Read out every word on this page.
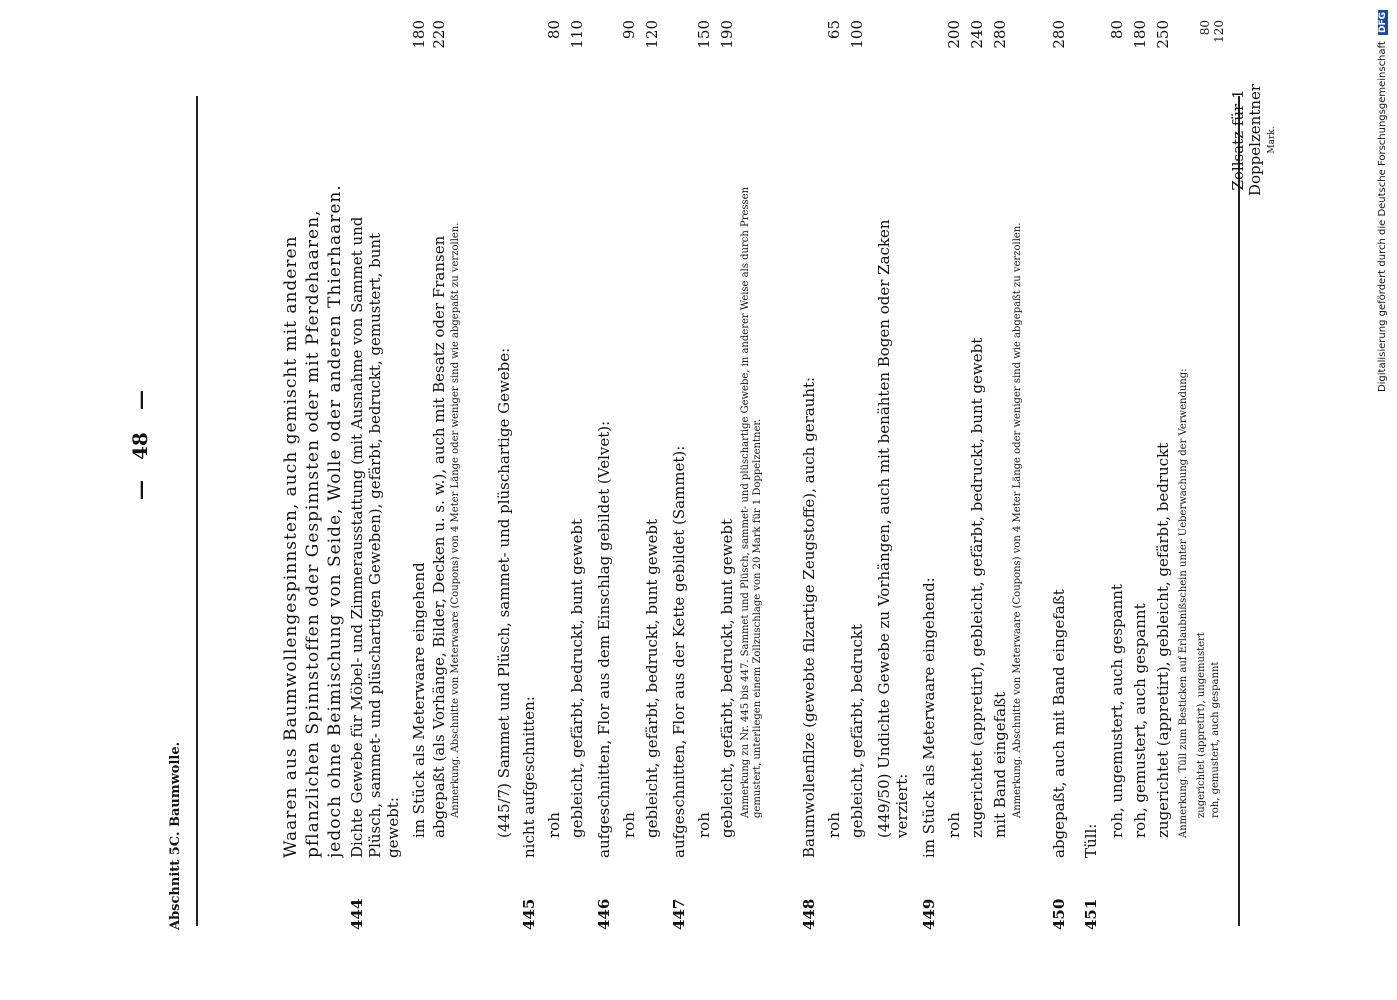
Abschnitt 5C. Baumwolle.
—
48
—
Zollsatz für 1 Doppelzentner Mark.
Waaren aus Baumwollengespinnsten, auch gemischt mit anderen pflanzlichen Spinnstoffen oder Gespinnsten oder mit Pferdehaaren, jedoch ohne Beimischung von Seide, Wolle oder anderen Thierhaaren.
444
Dichte Gewebe für Möbel- und Zimmerausstattung (mit Ausnahme von Sammet und Plüsch, sammet- und plüschartigen Geweben), gefärbt, bedruckt, gemustert, bunt gewebt: im Stück als Meterwaare eingehend
180
abgepaßt (als Vorhänge, Bilder, Decken u. s. w.), auch mit Besatz oder Fransen
220
Anmerkung. Abschnitte von Meterwaare (Coupons) von 4 Meter Länge oder weniger sind wie abgepaßt zu verzollen. (445/7) Sammet und Plüsch, sammet- und plüschartige Gewebe:
445
nicht aufgeschnitten: roh
80
gebleicht, gefärbt, bedruckt, bunt gewebt
110
446
aufgeschnitten, Flor aus dem Einschlag gebildet (Velvet): roh
90
gebleicht, gefärbt, bedruckt, bunt gewebt
120
447
aufgeschnitten, Flor aus der Kette gebildet (Sammet): roh
150
gebleicht, gefärbt, bedruckt, bunt gewebt
190
Anmerkung zu Nr. 445 bis 447. Sammet und Plüsch, sammet- und plüschartige Gewebe, in anderer Weise als durch Pressen gemustert, unterliegen einem Zollzuschlage von 20 Mark für 1 Doppelzentner.
448
Baumwollenfilze (gewebte filzartige Zeugstoffe), auch gerauht: roh
65
gebleicht, gefärbt, bedruckt
100
(449/50) Undichte Gewebe zu Vorhängen, auch mit benähten Bogen oder Zacken verziert:
449
im Stück als Meterwaare eingehend: roh
200
zugerichtet (appretirt), gebleicht, gefärbt, bedruckt, bunt gewebt
240
mit Band eingefaßt
280
Anmerkung. Abschnitte von Meterwaare (Coupons) von 4 Meter Länge oder weniger sind wie abgepaßt zu verzollen.
450
abgepaßt, auch mit Band eingefaßt
280
451
Tüll:
roh, ungemustert, auch gespannt
80
roh, gemustert, auch gespannt
180
zugerichtet (appretirt), gebleicht, gefärbt, bedruckt
250
Anmerkung. Tüll zum Besticken auf Erlaubnißschein unter Ueberwachung der Verwendung: zugerichtet (appretirt), ungemustert
80
roh, gemustert, auch gespannt
120
Digitalisierung gefördert durch die Deutsche Forschungsgemeinschaft DFG
